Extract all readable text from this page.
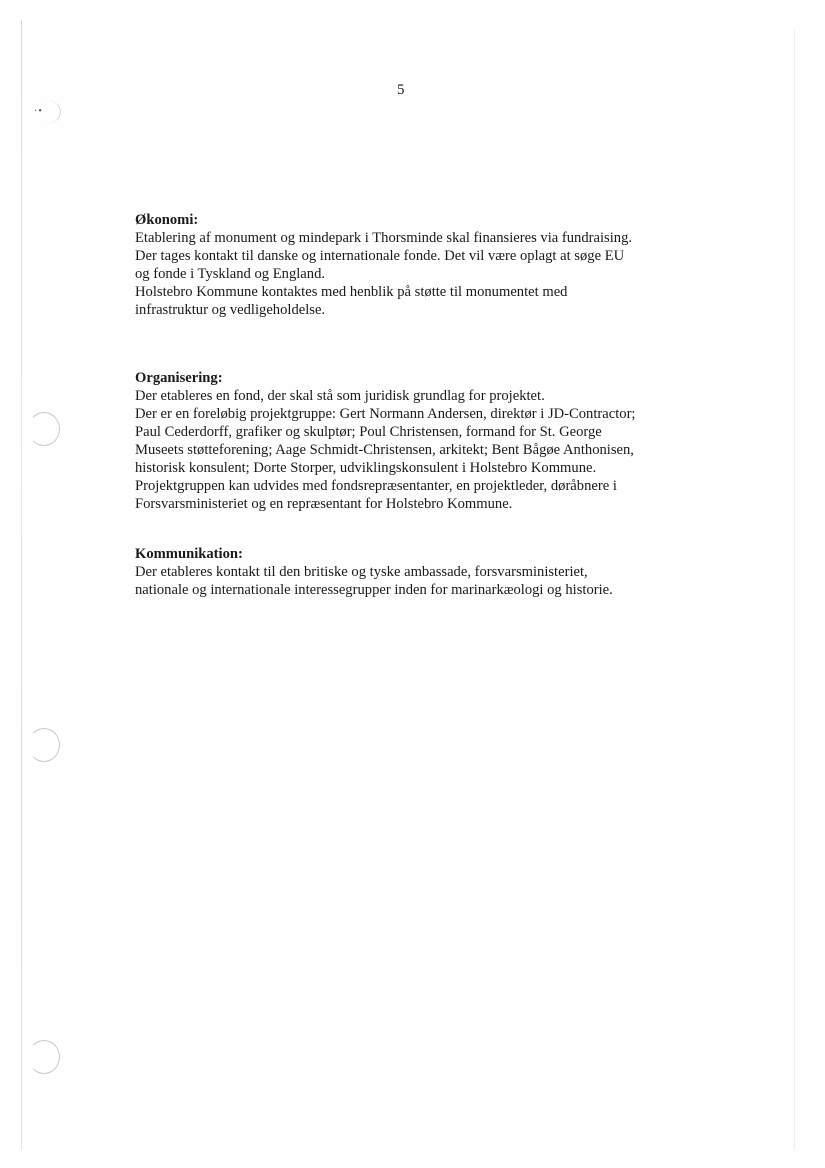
·•
5
Økonomi:

Etablering af monument og mindepark i Thorsminde skal finansieres via fundraising.

Der tages kontakt til danske og internationale fonde. Det vil være oplagt at søge EU

og fonde i Tyskland og England.

Holstebro Kommune kontaktes med henblik på støtte til monumentet med

infrastruktur og vedligeholdelse.

Organisering:

Der etableres en fond, der skal stå som juridisk grundlag for projektet.

Der er en foreløbig projektgruppe: Gert Normann Andersen, direktør i JD-Contractor;

Paul Cederdorff, grafiker og skulptør; Poul Christensen, formand for St. George

Museets støtteforening; Aage Schmidt-Christensen, arkitekt; Bent Bågøe Anthonisen,

historisk konsulent; Dorte Storper, udviklingskonsulent i Holstebro Kommune.

Projektgruppen kan udvides med fondsrepræsentanter, en projektleder, døråbnere i

Forsvarsministeriet og en repræsentant for Holstebro Kommune.

Kommunikation:

Der etableres kontakt til den britiske og tyske ambassade, forsvarsministeriet,

nationale og internationale interessegrupper inden for marinarkæologi og historie.
